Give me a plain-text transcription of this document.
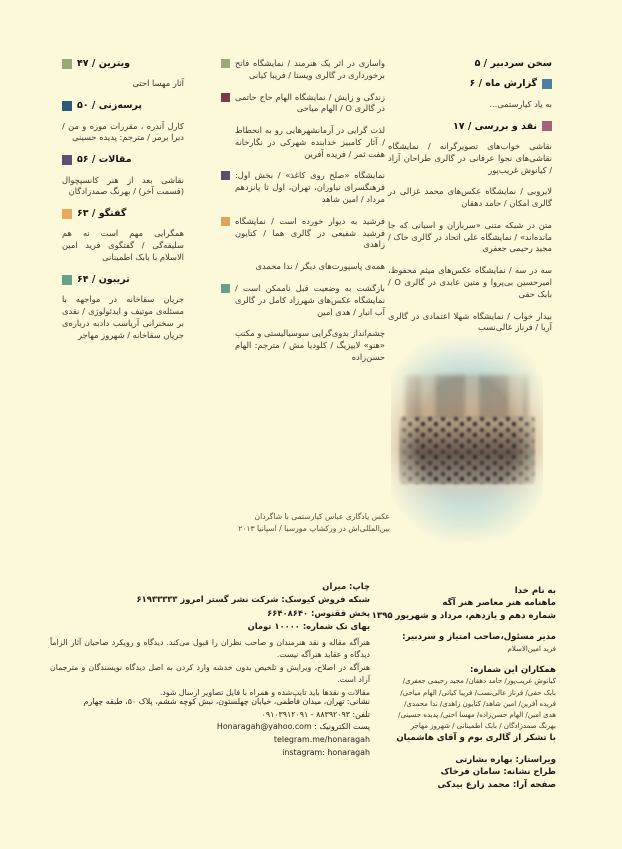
سخن سردبیر / ۵
گزارش ماه / ۶
به یاد کیارستمی...
نقد و بررسی / ۱۷
نقاشی خواب‌های تصویرگرانه / نمایشگاه نقاشی‌های نجوا عرفانی در گالری طراحان آزاد / کیانوش غریب‌پور
لایروبی / نمایشگاه عکس‌های محمد غزالی در گالری امکان / حامد دهقان
متن در شبکه متنی «سربازان و اسبانی که جا مانده‌اند» / نمایشگاه علی اتحاد در گالری خاک / مجید رحیمی جعفری
سه در سه / نمایشگاه عکس‌های میثم محفوظ، امیرحسین بی‌پروا و متین عابدی در گالری O / بابک حقی
بیدار خواب / نمایشگاه شهلا اعتمادی در گالری آریا / فرناز عالی‌نسب
واسازی در اثر یک هنرمند / نمایشگاه فاتح برخورداری در گالری ویستا / فریبا کیانی
زندگی و زایش / نمایشگاه الهام حاج حاتمی در گالری O / الهام میاحی
لذت گرایی در آرمانشهرهایی رو به انحطاط / آثار کامبیز خدابنده شهرکی در نگارخانه هفت ثمر / فریده آفرین
نمایشگاه «صلح روی کاغذ» / بخش اول: فرهنگسرای نیاوران، تهران، اول تا پانزدهم مرداد / امین شاهد
فرشید به دیوار خورده است / نمایشگاه فرشید شفیعی در گالری هما / کتایون زاهدی
همه‌ی پاسپورت‌های دیگر / ندا محمدی
بازگشت به وضعیت قبل ناممکن است / نمایشگاه عکس‌های شهرزاد کامل در گالری آب انبار / هدی امین
چشم‌انداز بدوی‌گرایی سوسیالیستی و مکتب «هنو» لایپزیگ / کلودیا مش / مترجم: الهام حسن‌زاده
ویترین / ۴۷
آثار مهسا احتی
پرسه‌زنی / ۵۰
کارل آندره ، مقررات موزه و من / دبرا برمر / مترجم: پدیده حسینی
مقالات / ۵۶
نقاشی بعد از هنر کانسپچوال (قسمت آخر) / بهرنگ صمدزادگان
گفتگو / ۶۳
همگرایی مهم است نه هم سلیقه‌گی / گفتگوی فرید امین الاسلام با بابک اطمینانی
تریبون / ۶۴
جریان سقاخانه در مواجهه با مسئله‌ی موتیف و ایدئولوژی / نقدی بر سخنرانی آریاسب دادبه درباره‌ی جریان سقاخانه / شهروز مهاجر
عکس یادگاری عباس کیارستمی با شاگردان
بین‌المللی‌اش در ورکشاپ مورسیا / اسپانیا ۲۰۱۳
به نام خدا
ماهنامه هنر معاصر هنر آگه
شماره دهم و یازدهم، مرداد و شهریور ۱۳۹۵
مدیر مسئول،صاحب امتیاز و سردبیر:
فرید امین‌الاسلام
همکاران این شماره:
کیانوش غریب‌پور/ حامد دهقان/ مجید رحیمی جعفری/
بابک حقی/ فرناز عالی‌نسب/ فریبا کیانی/ الهام میاحی/
فریده آفرین/ امین شاهد/ کتایون زاهدی/ ندا محمدی/
هدی امین/ الهام حسن‌زاده/ مهسا احتی/ پدیده حسینی/
بهرنگ صمدزادگان / بابک اطمینانی / شهروز مهاجر
با تشکر از گالری بوم و آقای هاشمیان
ویراستار: بهاره بشارتی
طراح نشانه: سامان فرخاک
صفحه آرا: محمد زارع بیدکی
چاپ: میران
شبکه فروش کیوسک: شرکت نشر گستر امروز ۶۱۹۳۳۳۳۳
پخش ققنوس: ۶۶۴۰۸۶۴۰
بهای تک شماره: ۱۰۰۰۰ تومان
هنرآگه مقاله و نقد هنرمندان و صاحب نظران را قبول می‌کند. دیدگاه و رویکرد صاحبان آثار الزاماً دیدگاه و عقاید هنرآگه نیست.
هنرآگه در اصلاح، ویرایش و تلخیص بدون خدشه وارد کردن به اصل دیدگاه نویسندگان و مترجمان آزاد است.
مقالات و نقدها باید تایپ‌شده و همراه با فایل تصاویر ارسال شود.
نشانی: تهران، میدان فاطمی، خیابان چهلستون، نبش کوچه ششم، پلاک ۵۰، طبقه چهارم
تلفن: ۸۸۳۹۲۰۹۳ - ۰۹۱۰۳۹۱۲۰۹۱
پست الکترونیک : Honaragah@yahoo.com
telegram.me/honaragah
instagram: honaragah
